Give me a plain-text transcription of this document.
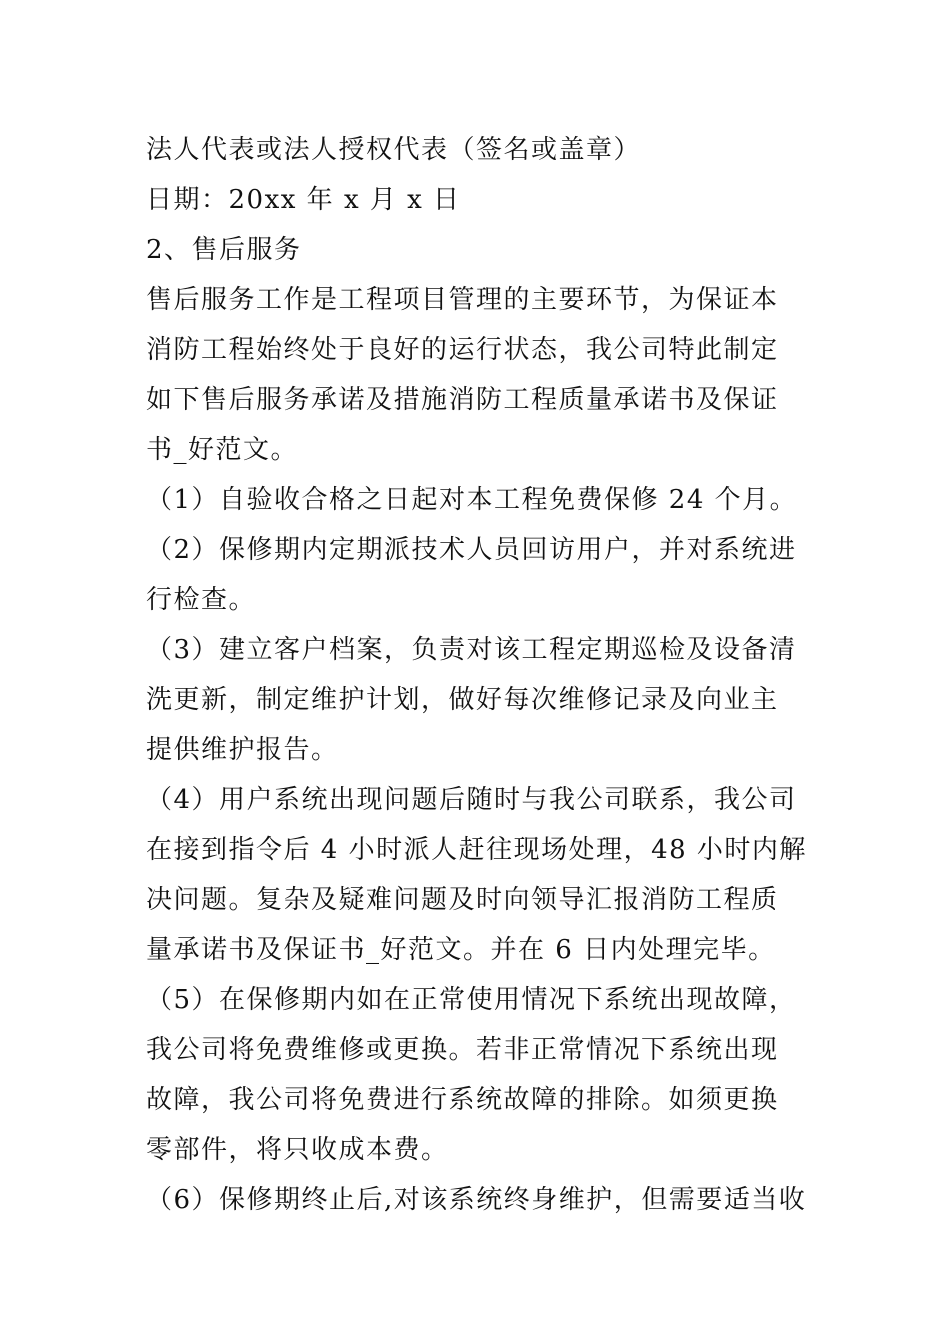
法人代表或法人授权代表（签名或盖章）

日期：20xx 年 x 月 x 日

2、售后服务

售后服务工作是工程项目管理的主要环节，为保证本

消防工程始终处于良好的运行状态，我公司特此制定

如下售后服务承诺及措施消防工程质量承诺书及保证

书_好范文。

（1）自验收合格之日起对本工程免费保修 24 个月。

（2）保修期内定期派技术人员回访用户，并对系统进

行检查。

（3）建立客户档案，负责对该工程定期巡检及设备清

洗更新，制定维护计划，做好每次维修记录及向业主

提供维护报告。

（4）用户系统出现问题后随时与我公司联系，我公司

在接到指令后 4 小时派人赶往现场处理，48 小时内解

决问题。复杂及疑难问题及时向领导汇报消防工程质

量承诺书及保证书_好范文。并在 6 日内处理完毕。

（5）在保修期内如在正常使用情况下系统出现故障，

我公司将免费维修或更换。若非正常情况下系统出现

故障，我公司将免费进行系统故障的排除。如须更换

零部件，将只收成本费。

（6）保修期终止后,对该系统终身维护，但需要适当收
